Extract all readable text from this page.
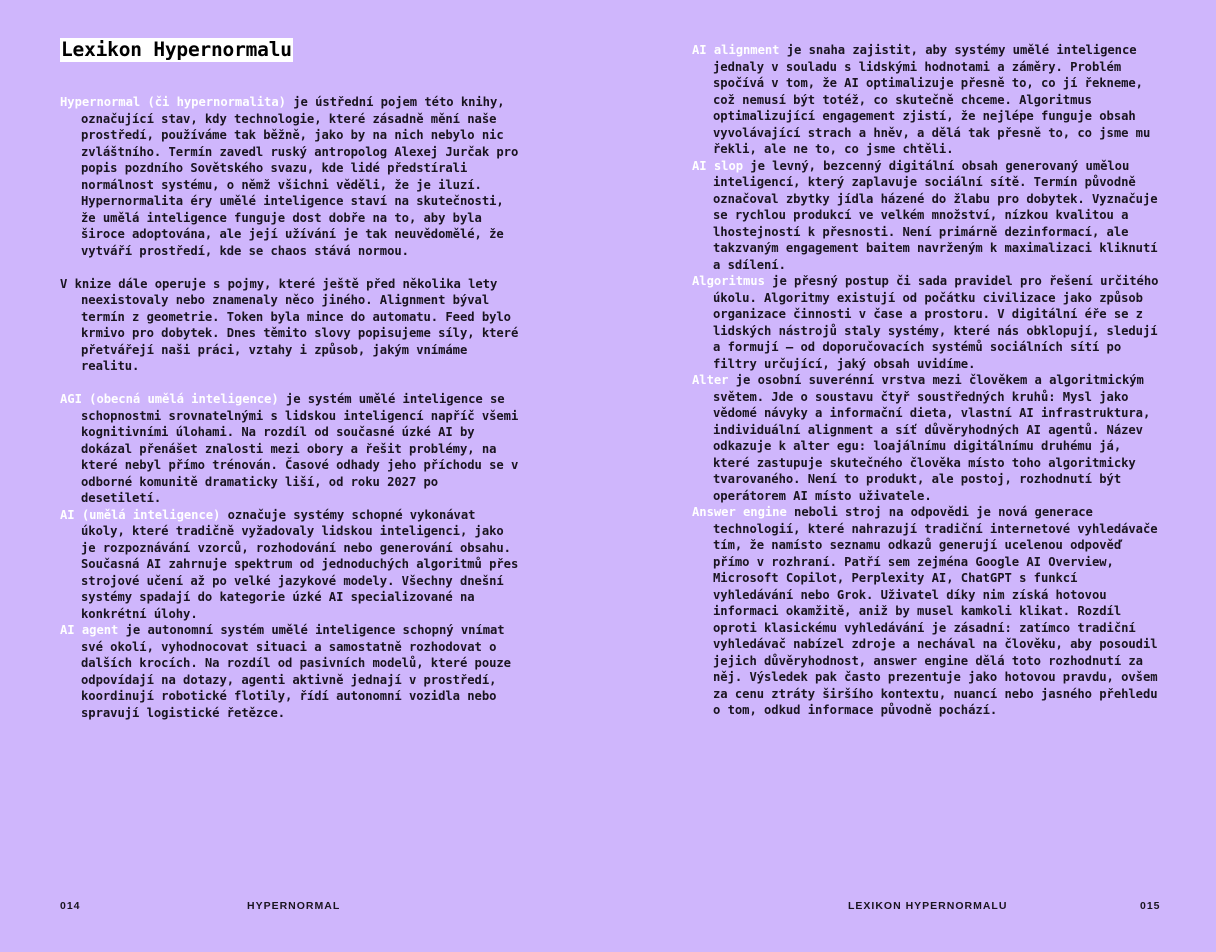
Lexikon Hypernormalu

Hypernormal (či hypernormalita) je ústřední pojem této knihy, označující stav, kdy technologie, které zásadně mění naše prostředí, používáme tak běžně, jako by na nich nebylo nic zvláštního. Termín zavedl ruský antropolog Alexej Jurčak pro popis pozdního Sovětského svazu, kde lidé předstírali normálnost systému, o němž všichni věděli, že je iluzí. Hypernormalita éry umělé inteligence staví na skutečnosti, že umělá inteligence funguje dost dobře na to, aby byla široce adoptována, ale její užívání je tak neuvědomělé, že vytváří prostředí, kde se chaos stává normou.

V knize dále operuje s pojmy, které ještě před několika lety neexistovaly nebo znamenaly něco jiného. Alignment býval termín z geometrie. Token byla mince do automatu. Feed bylo krmivo pro dobytek. Dnes těmito slovy popisujeme síly, které přetvářejí naši práci, vztahy i způsob, jakým vnímáme realitu.

AGI (obecná umělá inteligence) je systém umělé inteligence se schopnostmi srovnatelnými s lidskou inteligencí napříč všemi kognitivními úlohami. Na rozdíl od současné úzké AI by dokázal přenášet znalosti mezi obory a řešit problémy, na které nebyl přímo trénován. Časové odhady jeho příchodu se v odborné komunitě dramaticky liší, od roku 2027 po desetiletí.

AI (umělá inteligence) označuje systémy schopné vykonávat úkoly, které tradičně vyžadovaly lidskou inteligenci, jako je rozpoznávání vzorců, rozhodování nebo generování obsahu. Současná AI zahrnuje spektrum od jednoduchých algoritmů přes strojové učení až po velké jazykové modely. Všechny dnešní systémy spadají do kategorie úzké AI specializované na konkrétní úlohy.

AI agent je autonomní systém umělé inteligence schopný vnímat své okolí, vyhodnocovat situaci a samostatně rozhodovat o dalších krocích. Na rozdíl od pasivních modelů, které pouze odpovídají na dotazy, agenti aktivně jednají v prostředí, koordinují robotické flotily, řídí autonomní vozidla nebo spravují logistické řetězce.

014	HYPERNORMAL

AI alignment je snaha zajistit, aby systémy umělé inteligence jednaly v souladu s lidskými hodnotami a záměry. Problém spočívá v tom, že AI optimalizuje přesně to, co jí řekneme, což nemusí být totéž, co skutečně chceme. Algoritmus optimalizující engagement zjistí, že nejlépe funguje obsah vyvolávající strach a hněv, a dělá tak přesně to, co jsme mu řekli, ale ne to, co jsme chtěli.

AI slop je levný, bezcenný digitální obsah generovaný umělou inteligencí, který zaplavuje sociální sítě. Termín původně označoval zbytky jídla házené do žlabu pro dobytek. Vyznačuje se rychlou produkcí ve velkém množství, nízkou kvalitou a lhostejností k přesnosti. Není primárně dezinformací, ale takzvaným engagement baitem navrženým k maximalizaci kliknutí a sdílení.

Algoritmus je přesný postup či sada pravidel pro řešení určitého úkolu. Algoritmy existují od počátku civilizace jako způsob organizace činnosti v čase a prostoru. V digitální éře se z lidských nástrojů staly systémy, které nás obklopují, sledují a formují – od doporučovacích systémů sociálních sítí po filtry určující, jaký obsah uvidíme.

Alter je osobní suverénní vrstva mezi člověkem a algoritmickým světem. Jde o soustavu čtyř soustředných kruhů: Mysl jako vědomé návyky a informační dieta, vlastní AI infrastruktura, individuální alignment a síť důvěryhodných AI agentů. Název odkazuje k alter egu: loajálnímu digitálnímu druhému já, které zastupuje skutečného člověka místo toho algoritmicky tvarovaného. Není to produkt, ale postoj, rozhodnutí být operátorem AI místo uživatele.

Answer engine neboli stroj na odpovědi je nová generace technologií, které nahrazují tradiční internetové vyhledávače tím, že namísto seznamu odkazů generují ucelenou odpověď přímo v rozhraní. Patří sem zejména Google AI Overview, Microsoft Copilot, Perplexity AI, ChatGPT s funkcí vyhledávání nebo Grok. Uživatel díky nim získá hotovou informaci okamžitě, aniž by musel kamkoli klikat. Rozdíl oproti klasickému vyhledávání je zásadní: zatímco tradiční vyhledávač nabízel zdroje a nechával na člověku, aby posoudil jejich důvěryhodnost, answer engine dělá toto rozhodnutí za něj. Výsledek pak často prezentuje jako hotovou pravdu, ovšem za cenu ztráty širšího kontextu, nuancí nebo jasného přehledu o tom, odkud informace původně pochází.

LEXIKON HYPERNORMALU	015
